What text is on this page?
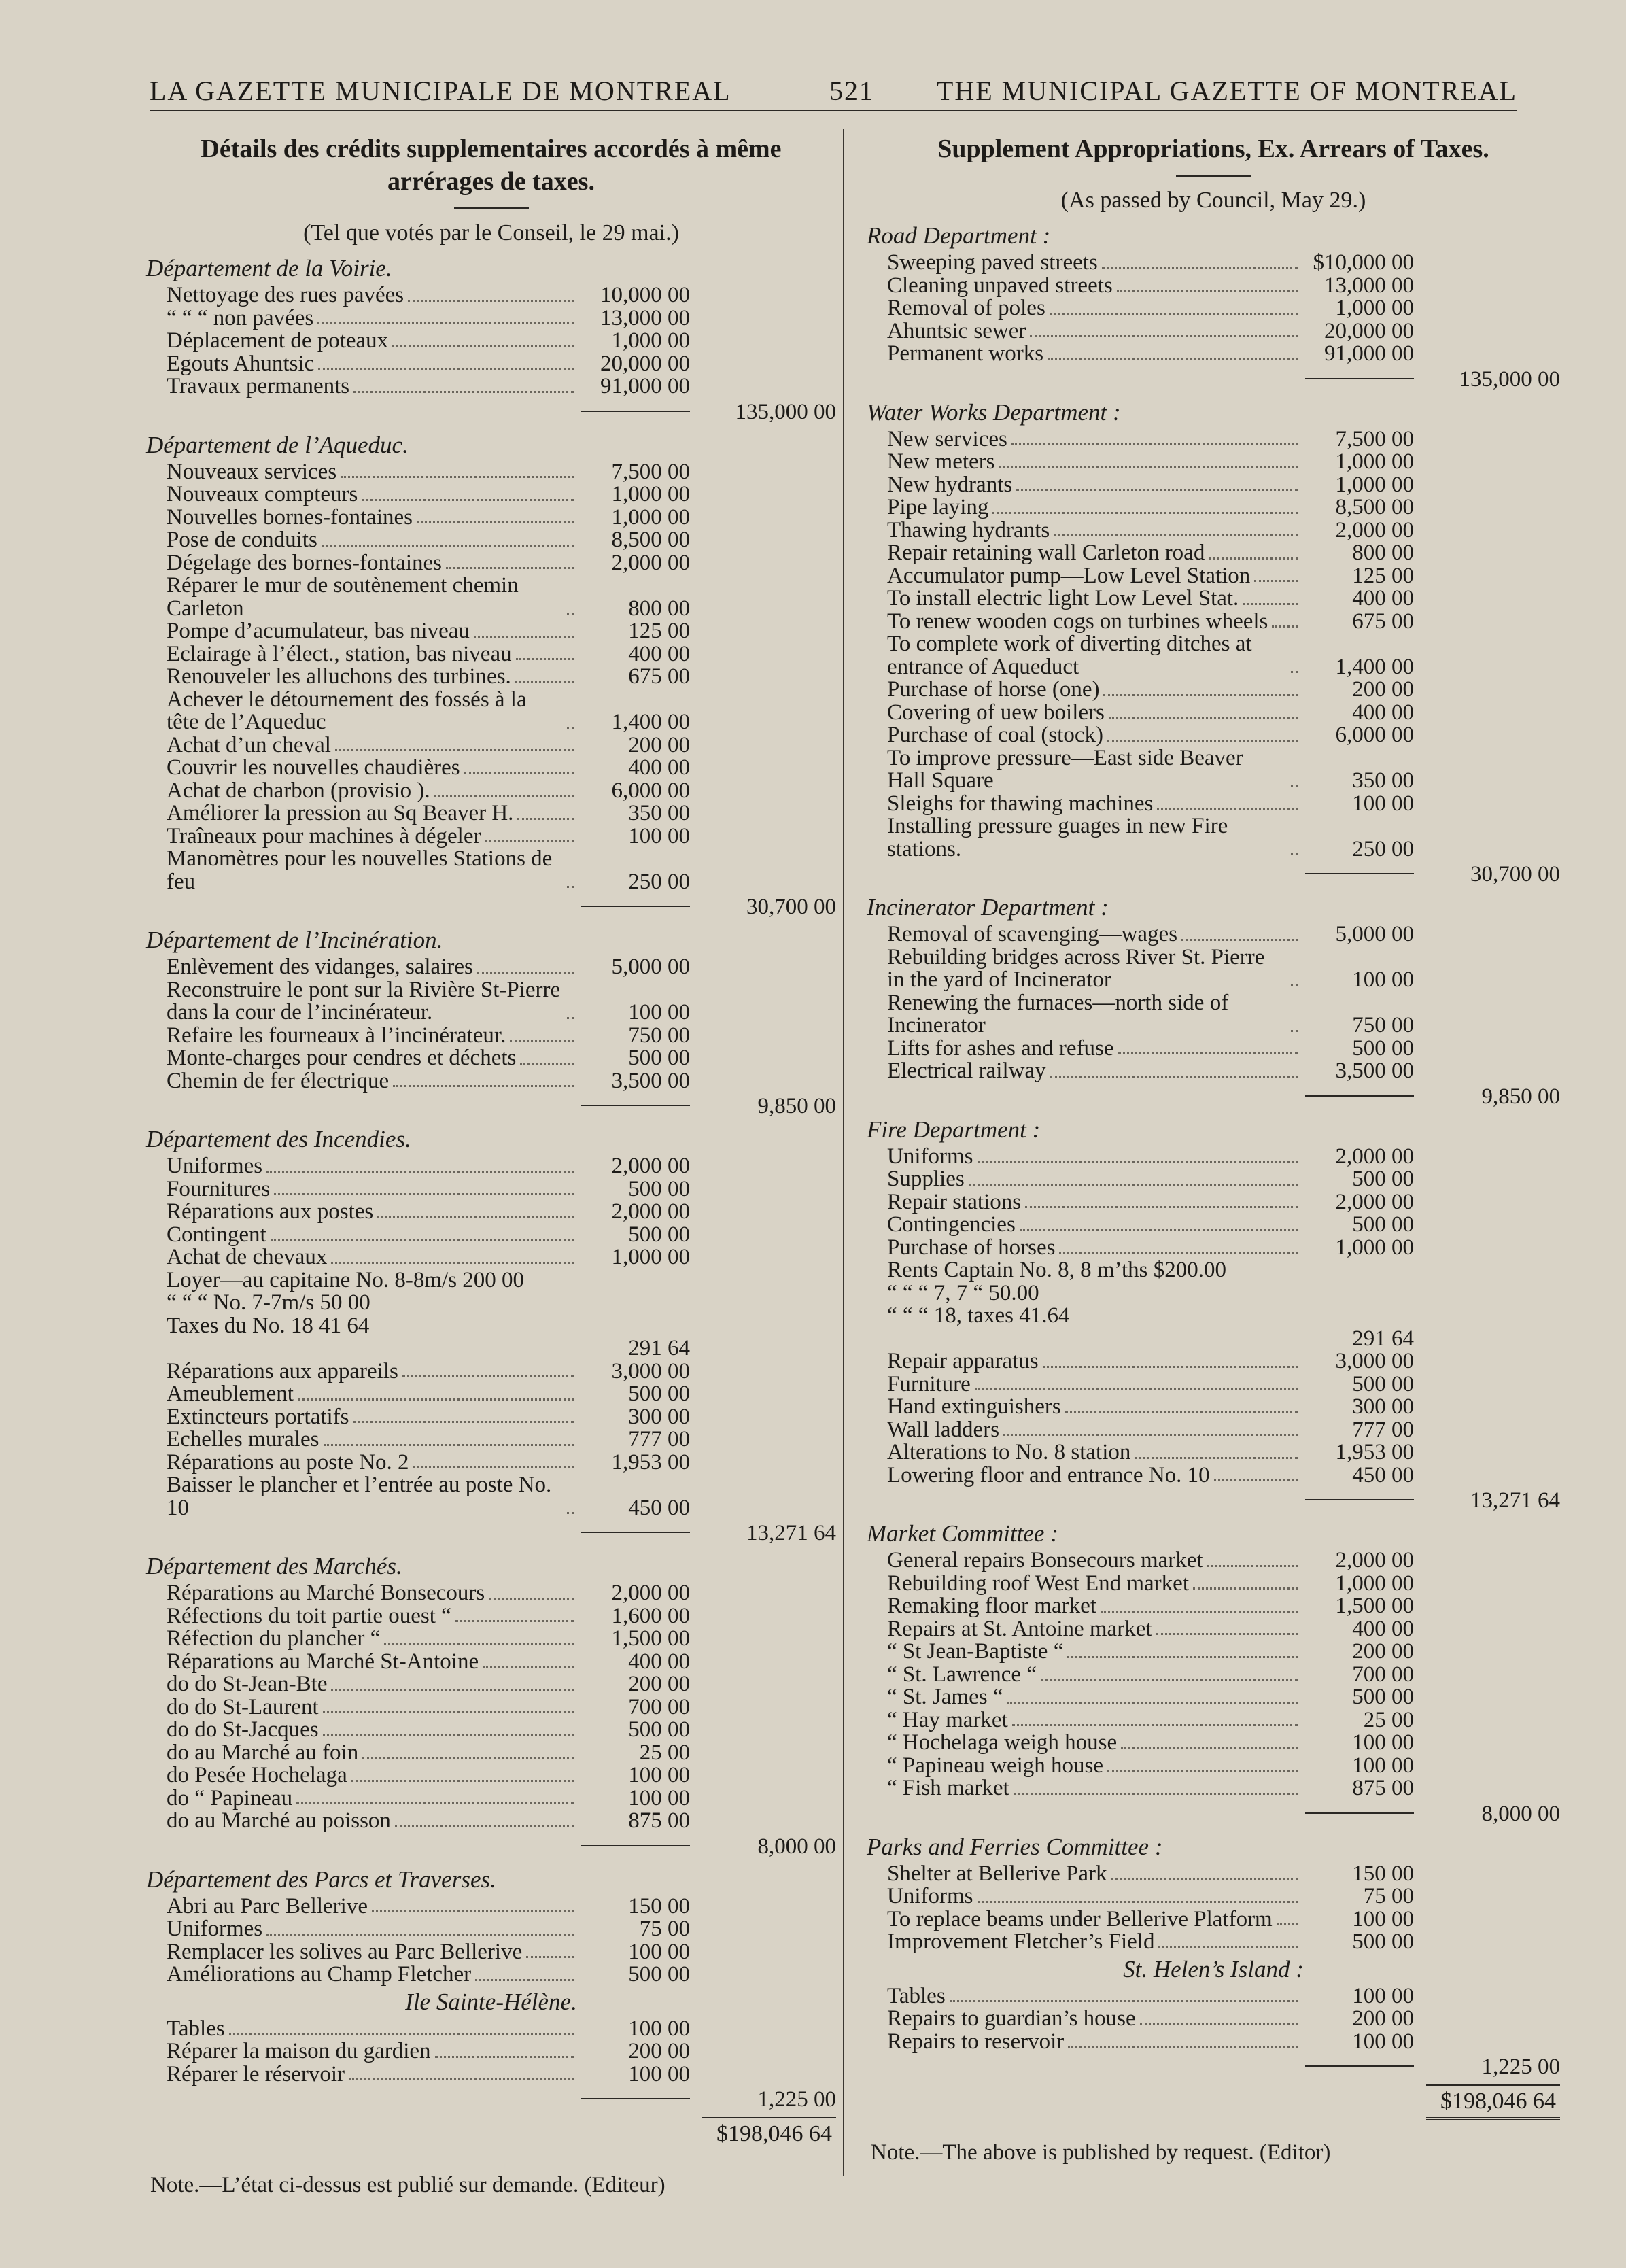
LA GAZETTE MUNICIPALE DE MONTREAL	521 THE MUNICIPAL GAZETTE OF MONTREAL
Détails des crédits supplementaires accordés à même arrérages de taxes.
(Tel que votés par le Conseil, le 29 mai.)
Département de la Voirie.
Nettoyage des rues pavées	10,000 00
“ “ “ non pavées	13,000 00
Déplacement de poteaux	1,000 00
Egouts Ahuntsic	20,000 00
Travaux permanents	91,000 00
135,000 00
Département de l’Aqueduc.
Nouveaux services	7,500 00
Nouveaux compteurs	1,000 00
Nouvelles bornes-fontaines	1,000 00
Pose de conduits	8,500 00
Dégelage des bornes-fontaines	2,000 00
Réparer le mur de soutènement chemin Carleton	800 00
Pompe d’acumulateur, bas niveau	125 00
Eclairage à l’élect., station, bas niveau	400 00
Renouveler les alluchons des turbines.	675 00
Achever le détournement des fossés à la tête de l’Aqueduc	1,400 00
Achat d’un cheval	200 00
Couvrir les nouvelles chaudières	400 00
Achat de charbon (provisio ).	6,000 00
Améliorer la pression au Sq Beaver H.	350 00
Traîneaux pour machines à dégeler	100 00
Manomètres pour les nouvelles Stations de feu	250 00
30,700 00
Département de l’Incinération.
Enlèvement des vidanges, salaires	5,000 00
Reconstruire le pont sur la Rivière St-Pierre dans la cour de l’incinérateur.	100 00
Refaire les fourneaux à l’incinérateur.	750 00
Monte-charges pour cendres et déchets	500 00
Chemin de fer électrique	3,500 00
9,850 00
Département des Incendies.
Uniformes	2,000 00
Fournitures	500 00
Réparations aux postes	2,000 00
Contingent	500 00
Achat de chevaux	1,000 00
Loyer—au capitaine No. 8-8m/s 200 00
“ “ “ No. 7-7m/s 50 00
Taxes du No. 18 41 64
291 64
Réparations aux appareils	3,000 00
Ameublement	500 00
Extincteurs portatifs	300 00
Echelles murales	777 00
Réparations au poste No. 2	1,953 00
Baisser le plancher et l’entrée au poste No. 10	450 00
13,271 64
Département des Marchés.
Réparations au Marché Bonsecours	2,000 00
Réfections du toit partie ouest “	1,600 00
Réfection du plancher “	1,500 00
Réparations au Marché St-Antoine	400 00
do do St-Jean-Bte	200 00
do do St-Laurent	700 00
do do St-Jacques	500 00
do au Marché au foin	25 00
do Pesée Hochelaga	100 00
do “ Papineau	100 00
do au Marché au poisson	875 00
8,000 00
Département des Parcs et Traverses.
Abri au Parc Bellerive	150 00
Uniformes	75 00
Remplacer les solives au Parc Bellerive	100 00
Améliorations au Champ Fletcher	500 00
Ile Sainte-Hélène.
Tables	100 00
Réparer la maison du gardien	200 00
Réparer le réservoir	100 00
1,225 00
$198,046 64
Note.—L’état ci-dessus est publié sur demande. (Editeur)
Supplement Appropriations, Ex. Arrears of Taxes.
(As passed by Council, May 29.)
Road Department :
Sweeping paved streets	$10,000 00
Cleaning unpaved streets	13,000 00
Removal of poles	1,000 00
Ahuntsic sewer	20,000 00
Permanent works	91,000 00
135,000 00
Water Works Department :
New services	7,500 00
New meters	1,000 00
New hydrants	1,000 00
Pipe laying	8,500 00
Thawing hydrants	2,000 00
Repair retaining wall Carleton road	800 00
Accumulator pump—Low Level Station	125 00
To install electric light Low Level Stat.	400 00
To renew wooden cogs on turbines wheels	675 00
To complete work of diverting ditches at entrance of Aqueduct	1,400 00
Purchase of horse (one)	200 00
Covering of uew boilers	400 00
Purchase of coal (stock)	6,000 00
To improve pressure—East side Beaver Hall Square	350 00
Sleighs for thawing machines	100 00
Installing pressure guages in new Fire stations.	250 00
30,700 00
Incinerator Department :
Removal of scavenging—wages	5,000 00
Rebuilding bridges across River St. Pierre in the yard of Incinerator	100 00
Renewing the furnaces—north side of Incinerator	750 00
Lifts for ashes and refuse	500 00
Electrical railway	3,500 00
9,850 00
Fire Department :
Uniforms	2,000 00
Supplies	500 00
Repair stations	2,000 00
Contingencies	500 00
Purchase of horses	1,000 00
Rents Captain No. 8, 8 m’ths $200.00
“ “ “ 7, 7 “ 50.00
“ “ “ 18, taxes 41.64
291 64
Repair apparatus	3,000 00
Furniture	500 00
Hand extinguishers	300 00
Wall ladders	777 00
Alterations to No. 8 station	1,953 00
Lowering floor and entrance No. 10	450 00
13,271 64
Market Committee :
General repairs Bonsecours market	2,000 00
Rebuilding roof West End market	1,000 00
Remaking floor market	1,500 00
Repairs at St. Antoine market	400 00
“ St Jean-Baptiste “	200 00
“ St. Lawrence “	700 00
“ St. James “	500 00
“ Hay market	25 00
“ Hochelaga weigh house	100 00
“ Papineau weigh house	100 00
“ Fish market	875 00
8,000 00
Parks and Ferries Committee :
Shelter at Bellerive Park	150 00
Uniforms	75 00
To replace beams under Bellerive Platform	100 00
Improvement Fletcher’s Field	500 00
St. Helen’s Island :
Tables	100 00
Repairs to guardian’s house	200 00
Repairs to reservoir	100 00
1,225 00
$198,046 64
Note.—The above is published by request. (Editor)
